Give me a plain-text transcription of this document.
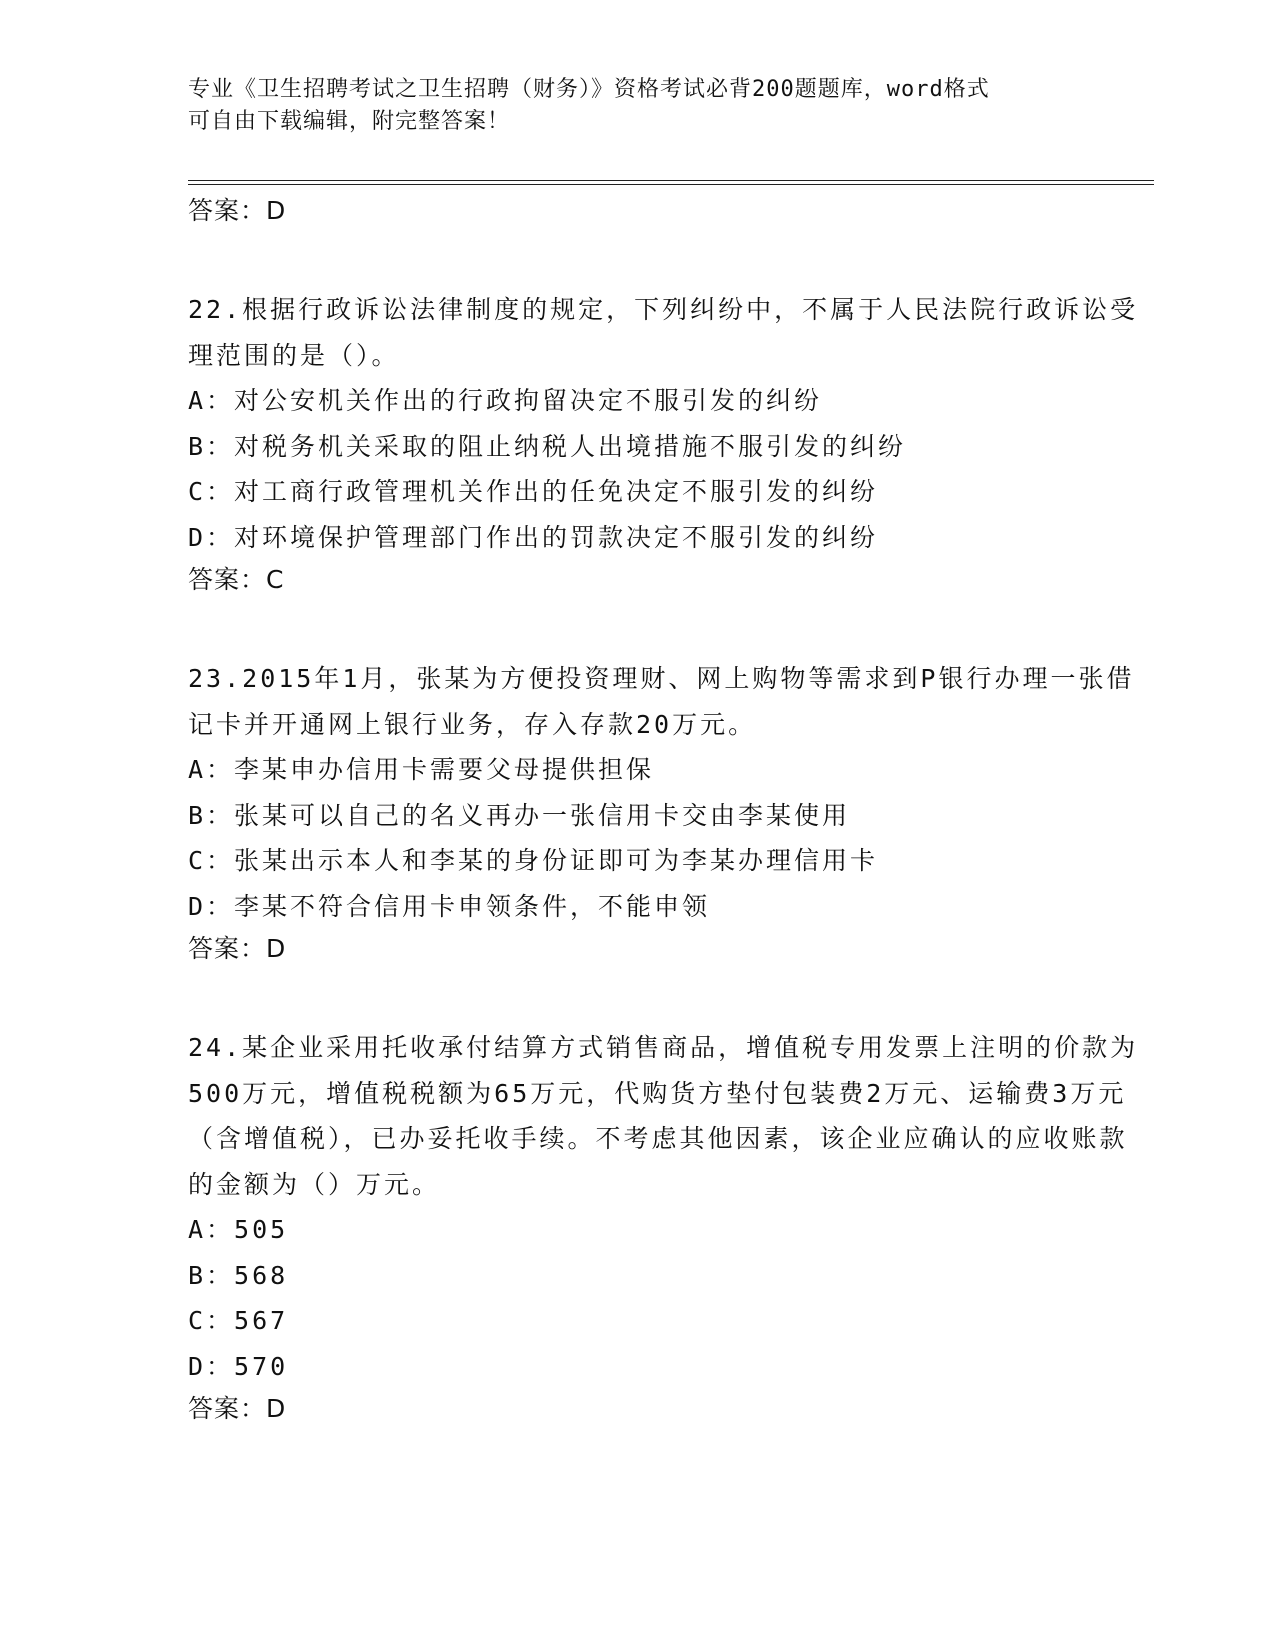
专业《卫生招聘考试之卫生招聘（财务）》资格考试必背200题题库，word格式
可自由下载编辑，附完整答案！
答案：D

22.根据行政诉讼法律制度的规定，下列纠纷中，不属于人民法院行政诉讼受理范围的是（）。

A：对公安机关作出的行政拘留决定不服引发的纠纷

B：对税务机关采取的阻止纳税人出境措施不服引发的纠纷

C：对工商行政管理机关作出的任免决定不服引发的纠纷

D：对环境保护管理部门作出的罚款决定不服引发的纠纷

答案：C

23.2015年1月，张某为方便投资理财、网上购物等需求到P银行办理一张借记卡并开通网上银行业务，存入存款20万元。

A：李某申办信用卡需要父母提供担保

B：张某可以自己的名义再办一张信用卡交由李某使用

C：张某出示本人和李某的身份证即可为李某办理信用卡

D：李某不符合信用卡申领条件，不能申领

答案：D

24.某企业采用托收承付结算方式销售商品，增值税专用发票上注明的价款为500万元，增值税税额为65万元，代购货方垫付包装费2万元、运输费3万元（含增值税），已办妥托收手续。不考虑其他因素，该企业应确认的应收账款的金额为（）万元。

A：505

B：568

C：567

D：570

答案：D
